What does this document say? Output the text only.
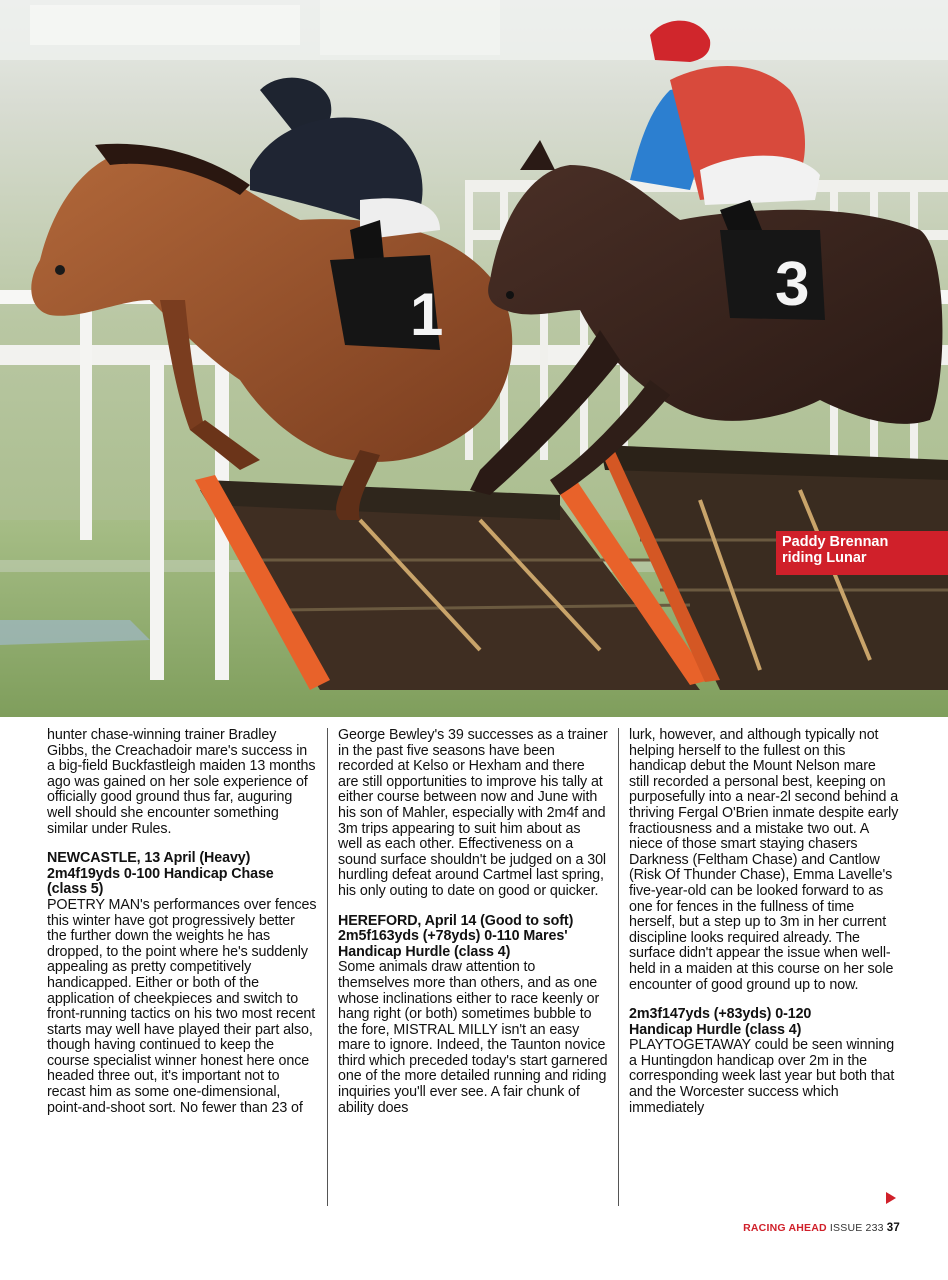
1	3
Paddy Brennan
riding Lunar

hunter chase-winning trainer Bradley Gibbs, the Creachadoir mare's success in a big-field Buckfastleigh maiden 13 months ago was gained on her sole experience of officially good ground thus far, auguring well should she encounter something similar under Rules.

NEWCASTLE, 13 April (Heavy)
2m4f19yds 0-100 Handicap Chase
(class 5)

POETRY MAN's performances over fences this winter have got progressively better the further down the weights he has dropped, to the point where he's suddenly appealing as pretty competitively handicapped. Either or both of the application of cheekpieces and switch to front-running tactics on his two most recent starts may well have played their part also, though having continued to keep the course specialist winner honest here once headed three out, it's important not to recast him as some one-dimensional, point-and-shoot sort. No fewer than 23 of

George Bewley's 39 successes as a trainer in the past five seasons have been recorded at Kelso or Hexham and there are still opportunities to improve his tally at either course between now and June with his son of Mahler, especially with 2m4f and 3m trips appearing to suit him about as well as each other. Effectiveness on a sound surface shouldn't be judged on a 30l hurdling defeat around Cartmel last spring, his only outing to date on good or quicker.

HEREFORD, April 14 (Good to soft)
2m5f163yds (+78yds) 0-110 Mares'
Handicap Hurdle (class 4)

Some animals draw attention to themselves more than others, and as one whose inclinations either to race keenly or hang right (or both) sometimes bubble to the fore, MISTRAL MILLY isn't an easy mare to ignore. Indeed, the Taunton novice third which preceded today's start garnered one of the more detailed running and riding inquiries you'll ever see. A fair chunk of ability does

lurk, however, and although typically not helping herself to the fullest on this handicap debut the Mount Nelson mare still recorded a personal best, keeping on purposefully into a near-2l second behind a thriving Fergal O'Brien inmate despite early fractiousness and a mistake two out. A niece of those smart staying chasers Darkness (Feltham Chase) and Cantlow (Risk Of Thunder Chase), Emma Lavelle's five-year-old can be looked forward to as one for fences in the fullness of time herself, but a step up to 3m in her current discipline looks required already. The surface didn't appear the issue when well-held in a maiden at this course on her sole encounter of good ground up to now.

2m3f147yds (+83yds) 0-120
Handicap Hurdle (class 4)

PLAYTOGETAWAY could be seen winning a Huntingdon handicap over 2m in the corresponding week last year but both that and the Worcester success which immediately

RACING AHEAD ISSUE 233 37
